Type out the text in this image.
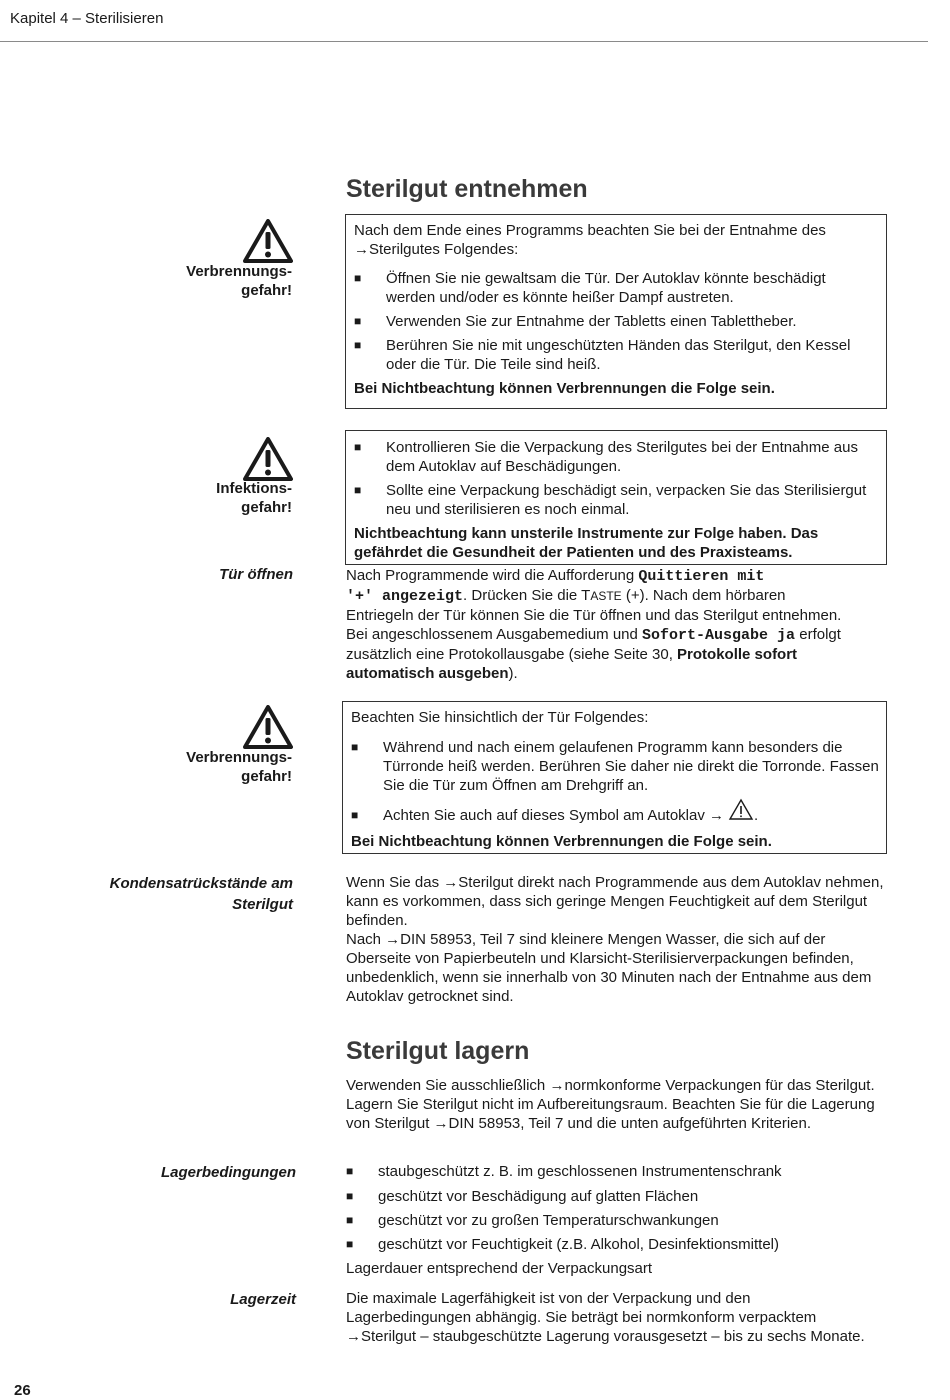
Kapitel 4 – Sterilisieren
Sterilgut entnehmen
Verbrennungs-
gefahr!
Nach dem Ende eines Programms beachten Sie bei der Entnahme des →Sterilgutes Folgendes:
■	Öffnen Sie nie gewaltsam die Tür. Der Autoklav könnte beschädigt werden und/oder es könnte heißer Dampf austreten.
■	Verwenden Sie zur Entnahme der Tabletts einen Tablettheber.
■	Berühren Sie nie mit ungeschützten Händen das Sterilgut, den Kessel oder die Tür. Die Teile sind heiß.
Bei Nichtbeachtung können Verbrennungen die Folge sein.
Infektions-
gefahr!
■	Kontrollieren Sie die Verpackung des Sterilgutes bei der Entnahme aus dem Autoklav auf Beschädigungen.
■	Sollte eine Verpackung beschädigt sein, verpacken Sie das Sterilisiergut neu und sterilisieren es noch einmal.
Nichtbeachtung kann unsterile Instrumente zur Folge haben. Das gefährdet die Gesundheit der Patienten und des Praxisteams.
Tür öffnen	Nach Programmende wird die Aufforderung Quittieren mit
'+' angezeigt. Drücken Sie die TASTE (+). Nach dem hörbaren
Entriegeln der Tür können Sie die Tür öffnen und das Sterilgut entnehmen.
Bei angeschlossenem Ausgabemedium und Sofort-Ausgabe ja erfolgt
zusätzlich eine Protokollausgabe (siehe Seite 30, Protokolle sofort
automatisch ausgeben).
Verbrennungs-
gefahr!
Beachten Sie hinsichtlich der Tür Folgendes:
■	Während und nach einem gelaufenen Programm kann besonders die Türronde heiß werden. Berühren Sie daher nie direkt die Torronde. Fassen Sie die Tür zum Öffnen am Drehgriff an.
■	Achten Sie auch auf dieses Symbol am Autoklav → .
Bei Nichtbeachtung können Verbrennungen die Folge sein.
Kondensatrückstände am
Sterilgut
Wenn Sie das →Sterilgut direkt nach Programmende aus dem Autoklav nehmen, kann es vorkommen, dass sich geringe Mengen Feuchtigkeit auf dem Sterilgut befinden.
Nach →DIN 58953, Teil 7 sind kleinere Mengen Wasser, die sich auf der Oberseite von Papierbeuteln und Klarsicht-Sterilisierverpackungen befinden, unbedenklich, wenn sie innerhalb von 30 Minuten nach der Entnahme aus dem Autoklav getrocknet sind.
Sterilgut lagern
Verwenden Sie ausschließlich →normkonforme Verpackungen für das Sterilgut. Lagern Sie Sterilgut nicht im Aufbereitungsraum. Beachten Sie für die Lagerung von Sterilgut →DIN 58953, Teil 7 und die unten aufgeführten Kriterien.
Lagerbedingungen	■	staubgeschützt z. B. im geschlossenen Instrumentenschrank
■	geschützt vor Beschädigung auf glatten Flächen
■	geschützt vor zu großen Temperaturschwankungen
■	geschützt vor Feuchtigkeit (z.B. Alkohol, Desinfektionsmittel)
Lagerdauer entsprechend der Verpackungsart
Lagerzeit	Die maximale Lagerfähigkeit ist von der Verpackung und den Lagerbedingungen abhängig. Sie beträgt bei normkonform verpacktem →Sterilgut – staubgeschützte Lagerung vorausgesetzt – bis zu sechs Monate.
26
